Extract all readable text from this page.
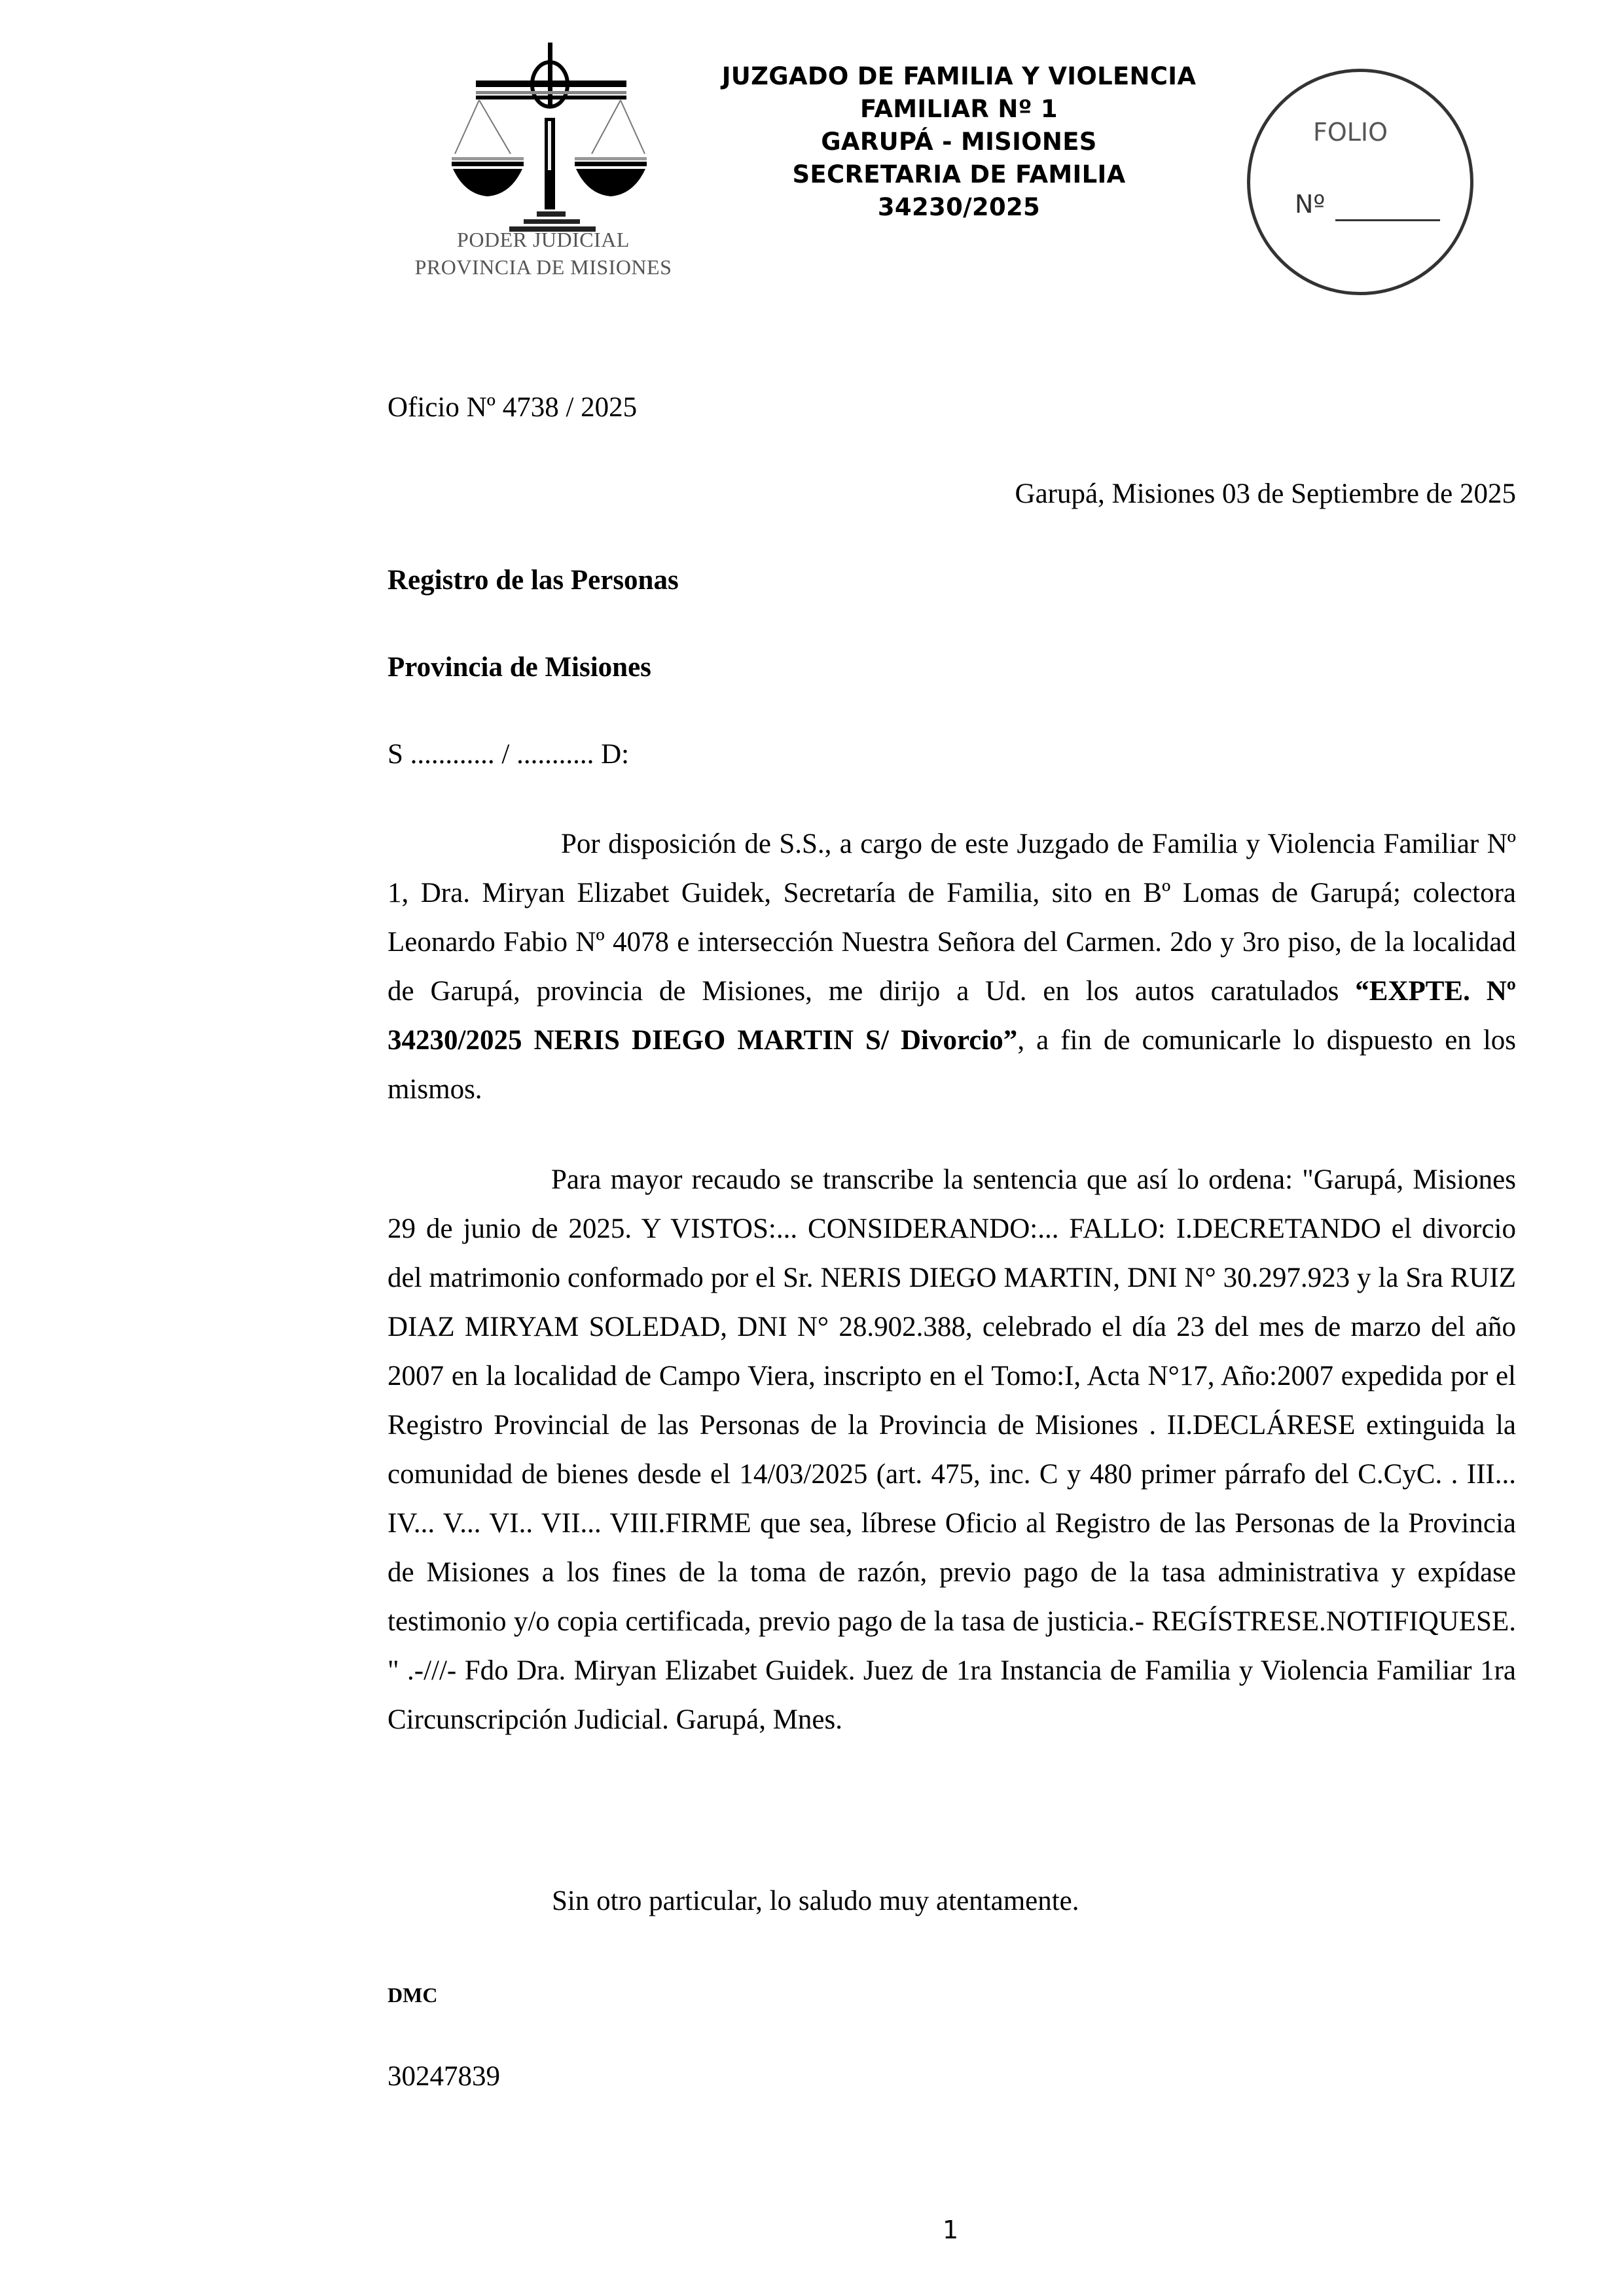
PODER JUDICIAL
PROVINCIA DE MISIONES
JUZGADO DE FAMILIA Y VIOLENCIA
FAMILIAR Nº 1
GARUPÁ - MISIONES
SECRETARIA DE FAMILIA
34230/2025
FOLIO
Nº
Oficio Nº 4738 / 2025
Garupá, Misiones 03 de Septiembre de 2025
Registro de las Personas
Provincia de Misiones
S ............ / ........... D:
Por disposición de S.S., a cargo de este Juzgado de Familia y Violencia Familiar Nº 1, Dra. Miryan Elizabet Guidek, Secretaría de Familia, sito en Bº Lomas de Garupá; colectora Leonardo Fabio Nº 4078 e intersección Nuestra Señora del Carmen. 2do y 3ro piso, de la localidad de Garupá, provincia de Misiones, me dirijo a Ud. en los autos caratulados “EXPTE. Nº 34230/2025 NERIS DIEGO MARTIN S/ Divorcio”, a fin de comunicarle lo dispuesto en los mismos.
Para mayor recaudo se transcribe la sentencia que así lo ordena: "Garupá, Misiones 29 de junio de 2025. Y VISTOS:... CONSIDERANDO:... FALLO: I.DECRETANDO el divorcio del matrimonio conformado por el Sr. NERIS DIEGO MARTIN, DNI N° 30.297.923 y la Sra RUIZ DIAZ MIRYAM SOLEDAD, DNI N° 28.902.388, celebrado el día 23 del mes de marzo del año 2007 en la localidad de Campo Viera, inscripto en el Tomo:I, Acta N°17, Año:2007 expedida por el Registro Provincial de las Personas de la Provincia de Misiones . II.DECLÁRESE extinguida la comunidad de bienes desde el 14/03/2025 (art. 475, inc. C y 480 primer párrafo del C.CyC. . III... IV... V... VI.. VII... VIII.FIRME que sea, líbrese Oficio al Registro de las Personas de la Provincia de Misiones a los fines de la toma de razón, previo pago de la tasa administrativa y expídase testimonio y/o copia certificada, previo pago de la tasa de justicia.- REGÍSTRESE.NOTIFIQUESE. " .-///- Fdo Dra. Miryan Elizabet Guidek. Juez de 1ra Instancia de Familia y Violencia Familiar 1ra Circunscripción Judicial. Garupá, Mnes.
Sin otro particular, lo saludo muy atentamente.
DMC
30247839
1
